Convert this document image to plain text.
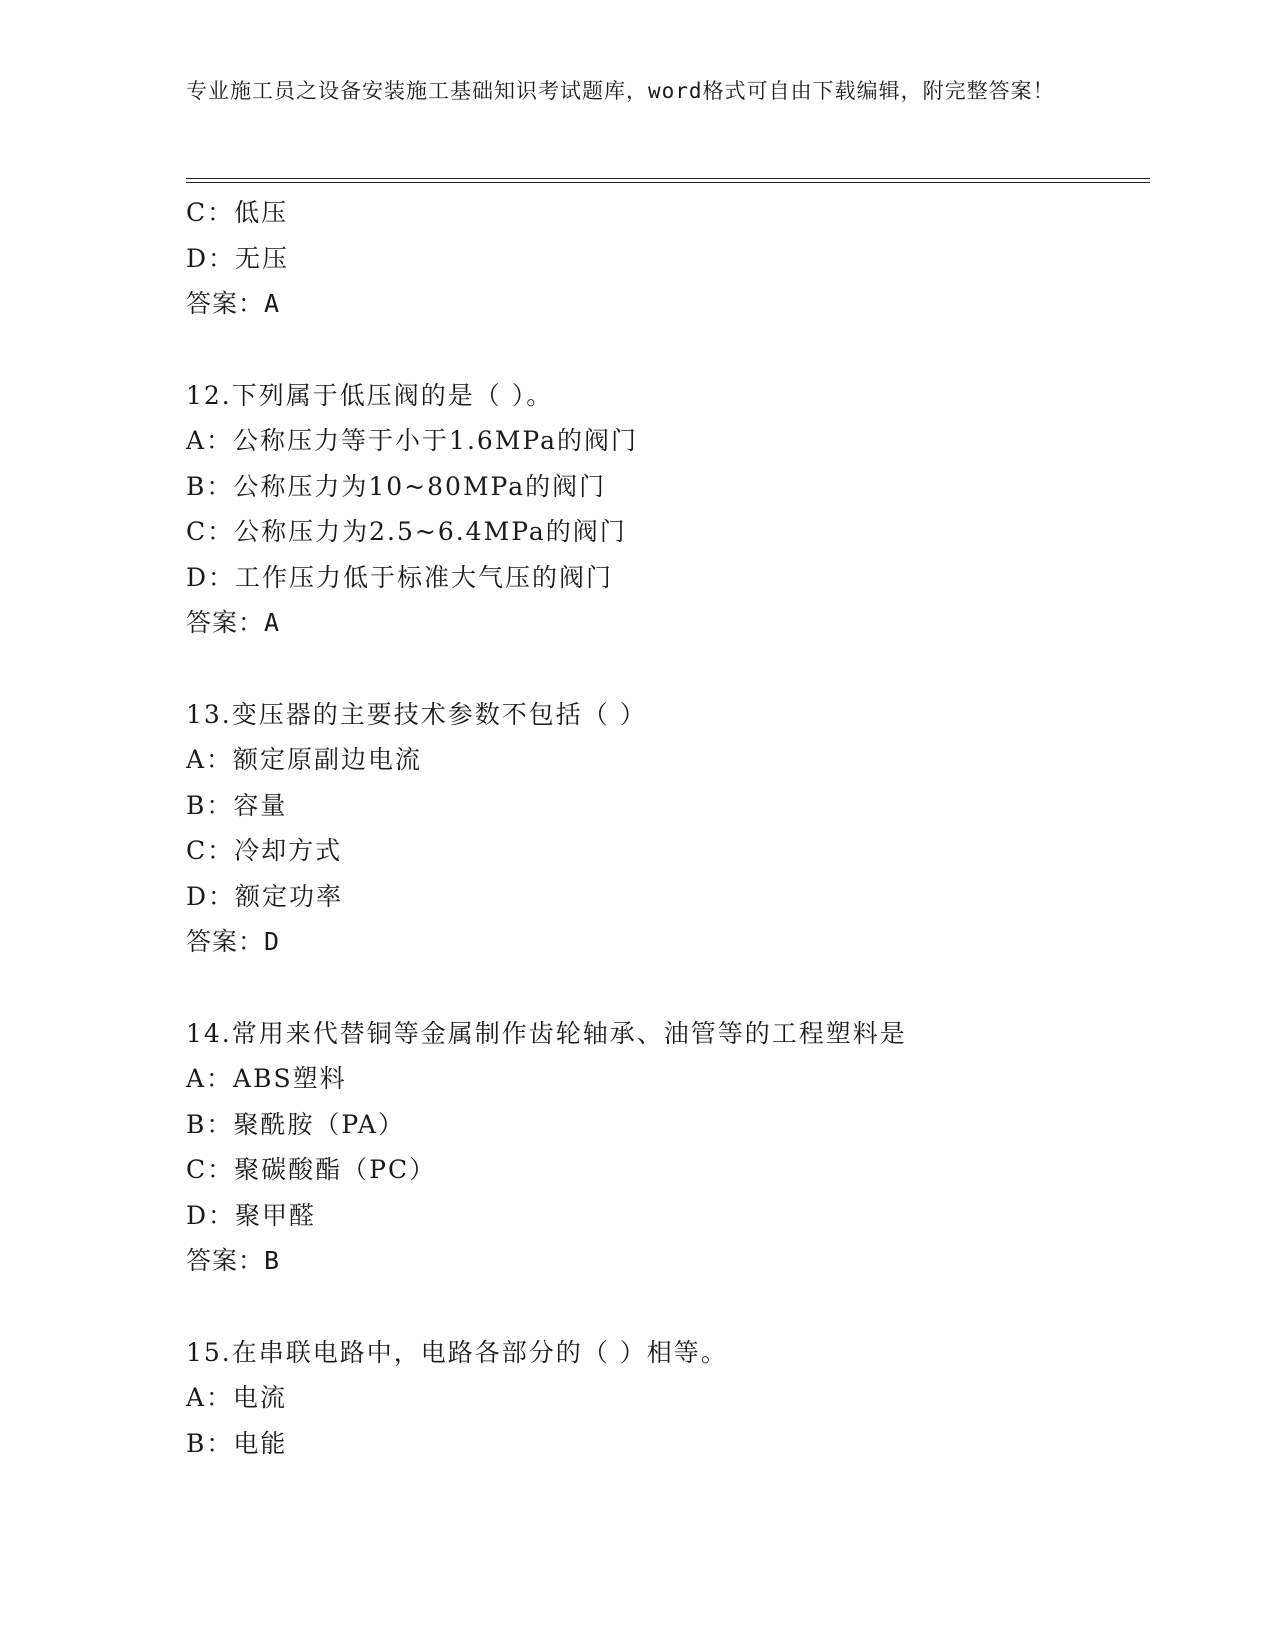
专业施工员之设备安装施工基础知识考试题库，word格式可自由下载编辑，附完整答案！
C：低压
D：无压
答案：A
12.下列属于低压阀的是（ ）。
A：公称压力等于小于1.6MPa的阀门
B：公称压力为10~80MPa的阀门
C：公称压力为2.5~6.4MPa的阀门
D：工作压力低于标准大气压的阀门
答案：A
13.变压器的主要技术参数不包括（ ）
A：额定原副边电流
B：容量
C：冷却方式
D：额定功率
答案：D
14.常用来代替铜等金属制作齿轮轴承、油管等的工程塑料是
A：ABS塑料
B：聚酰胺（PA）
C：聚碳酸酯（PC）
D：聚甲醛
答案：B
15.在串联电路中，电路各部分的（ ）相等。
A：电流
B：电能
